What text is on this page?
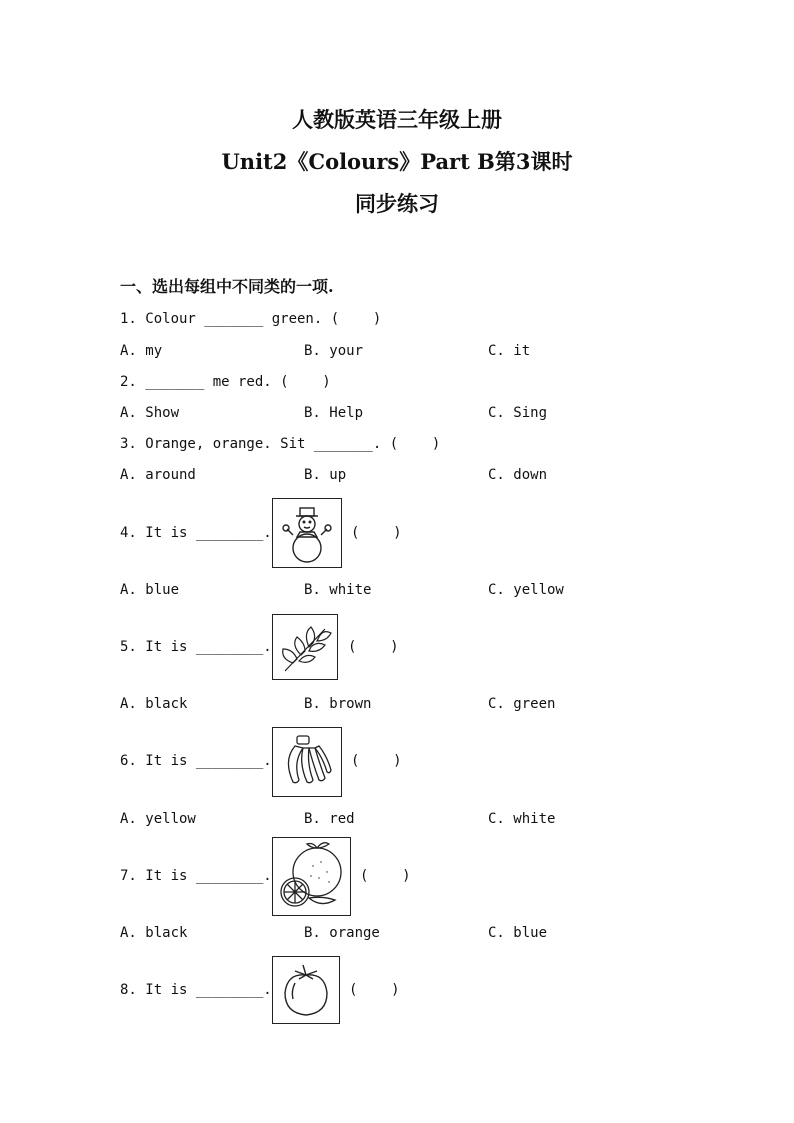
人教版英语三年级上册
Unit2《Colours》Part B第3课时
同步练习
一、选出每组中不同类的一项.
1. Colour _______ green. (    )
A. my	B. your	C. it
2. _______ me red. (    )
A. Show	B. Help	C. Sing
3. Orange, orange. Sit _______. (    )
A. around	B. up	C. down
4. It is ________.	(    )
A. blue	B. white	C. yellow
5. It is ________.	(    )
A. black	B. brown	C. green
6. It is ________.	(    )
A. yellow	B. red	C. white
7. It is ________.	(    )
A. black	B. orange	C. blue
8. It is ________.	(    )
